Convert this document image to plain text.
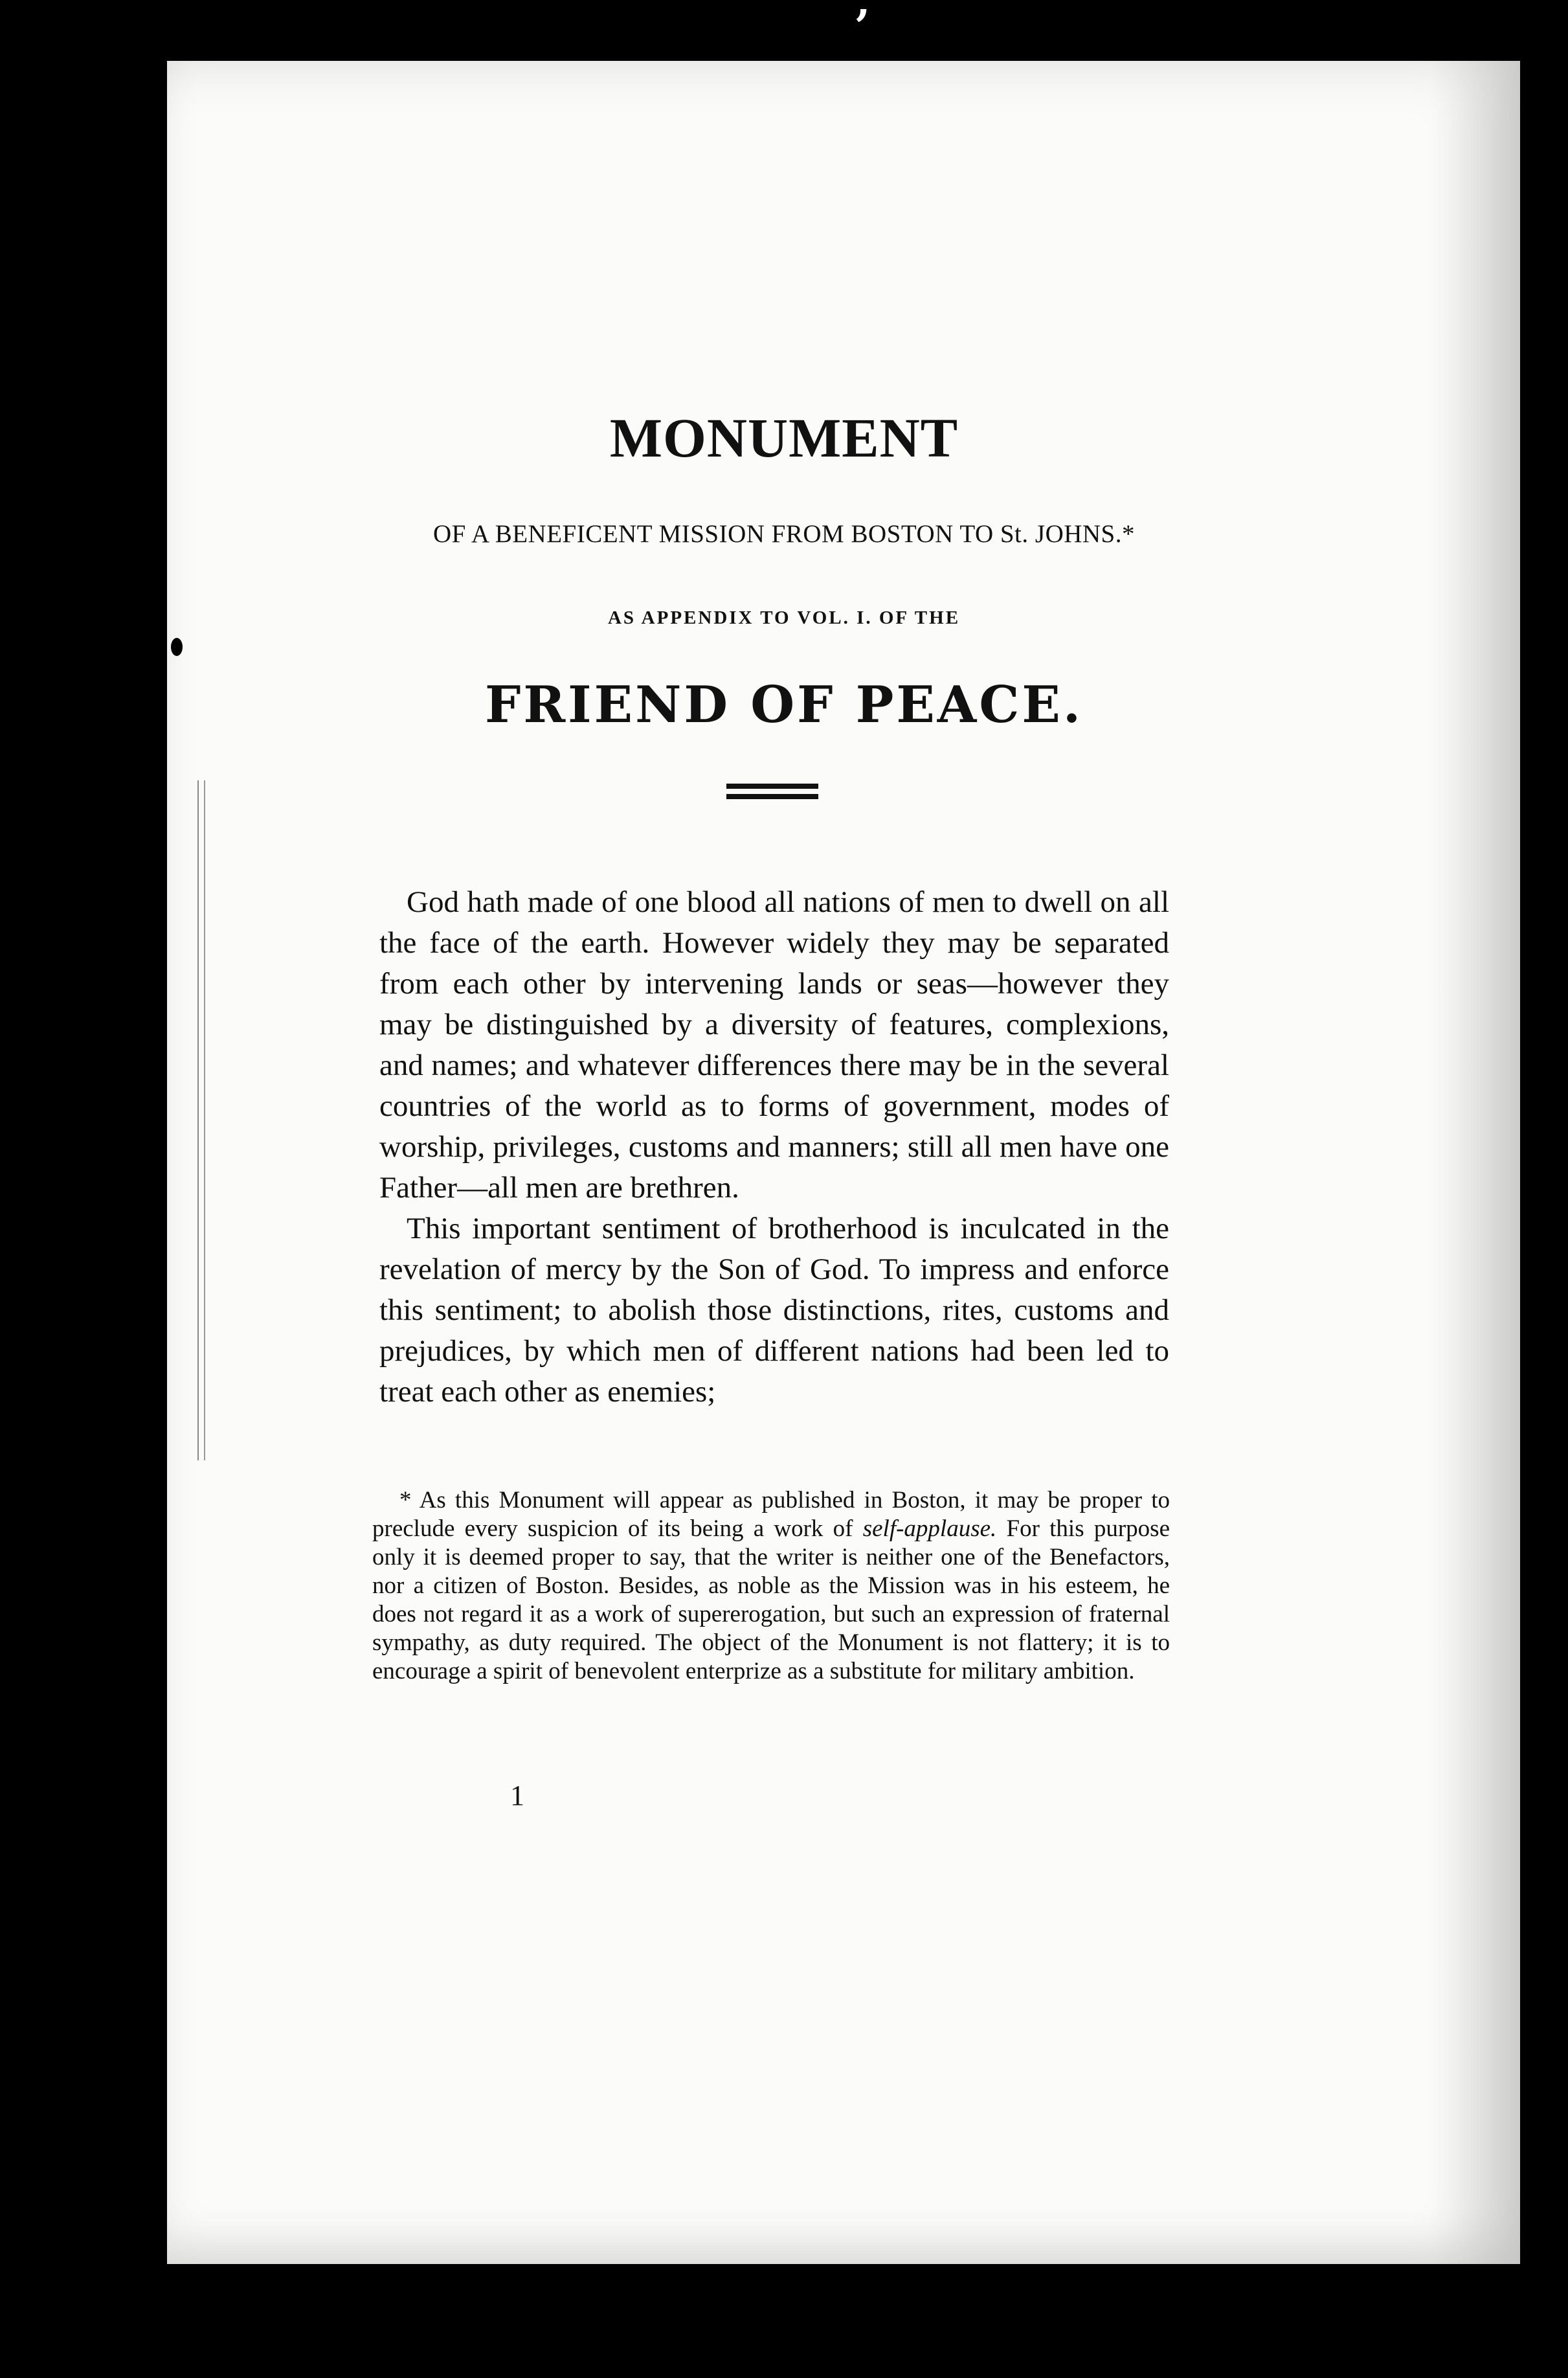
ʼ
MONUMENT
OF A BENEFICENT MISSION FROM BOSTON TO St. JOHNS.*
AS APPENDIX TO VOL. I. OF THE
FRIEND OF PEACE.

God hath made of one blood all nations of men to dwell on all the face of the earth. However widely they may be separated from each other by intervening lands or seas—however they may be distinguished by a diversity of features, complexions, and names; and whatever differences there may be in the several countries of the world as to forms of government, modes of worship, privileges, customs and manners; still all men have one Father—all men are brethren.

This important sentiment of brotherhood is inculcated in the revelation of mercy by the Son of God. To impress and enforce this sentiment; to abolish those distinctions, rites, customs and prejudices, by which men of different nations had been led to treat each other as enemies;

* As this Monument will appear as published in Boston, it may be proper to preclude every suspicion of its being a work of self-applause. For this purpose only it is deemed proper to say, that the writer is neither one of the Benefactors, nor a citizen of Boston. Besides, as noble as the Mission was in his esteem, he does not regard it as a work of supererogation, but such an expression of fraternal sympathy, as duty required. The object of the Monument is not flattery; it is to encourage a spirit of benevolent enterprize as a substitute for military ambition.

1
